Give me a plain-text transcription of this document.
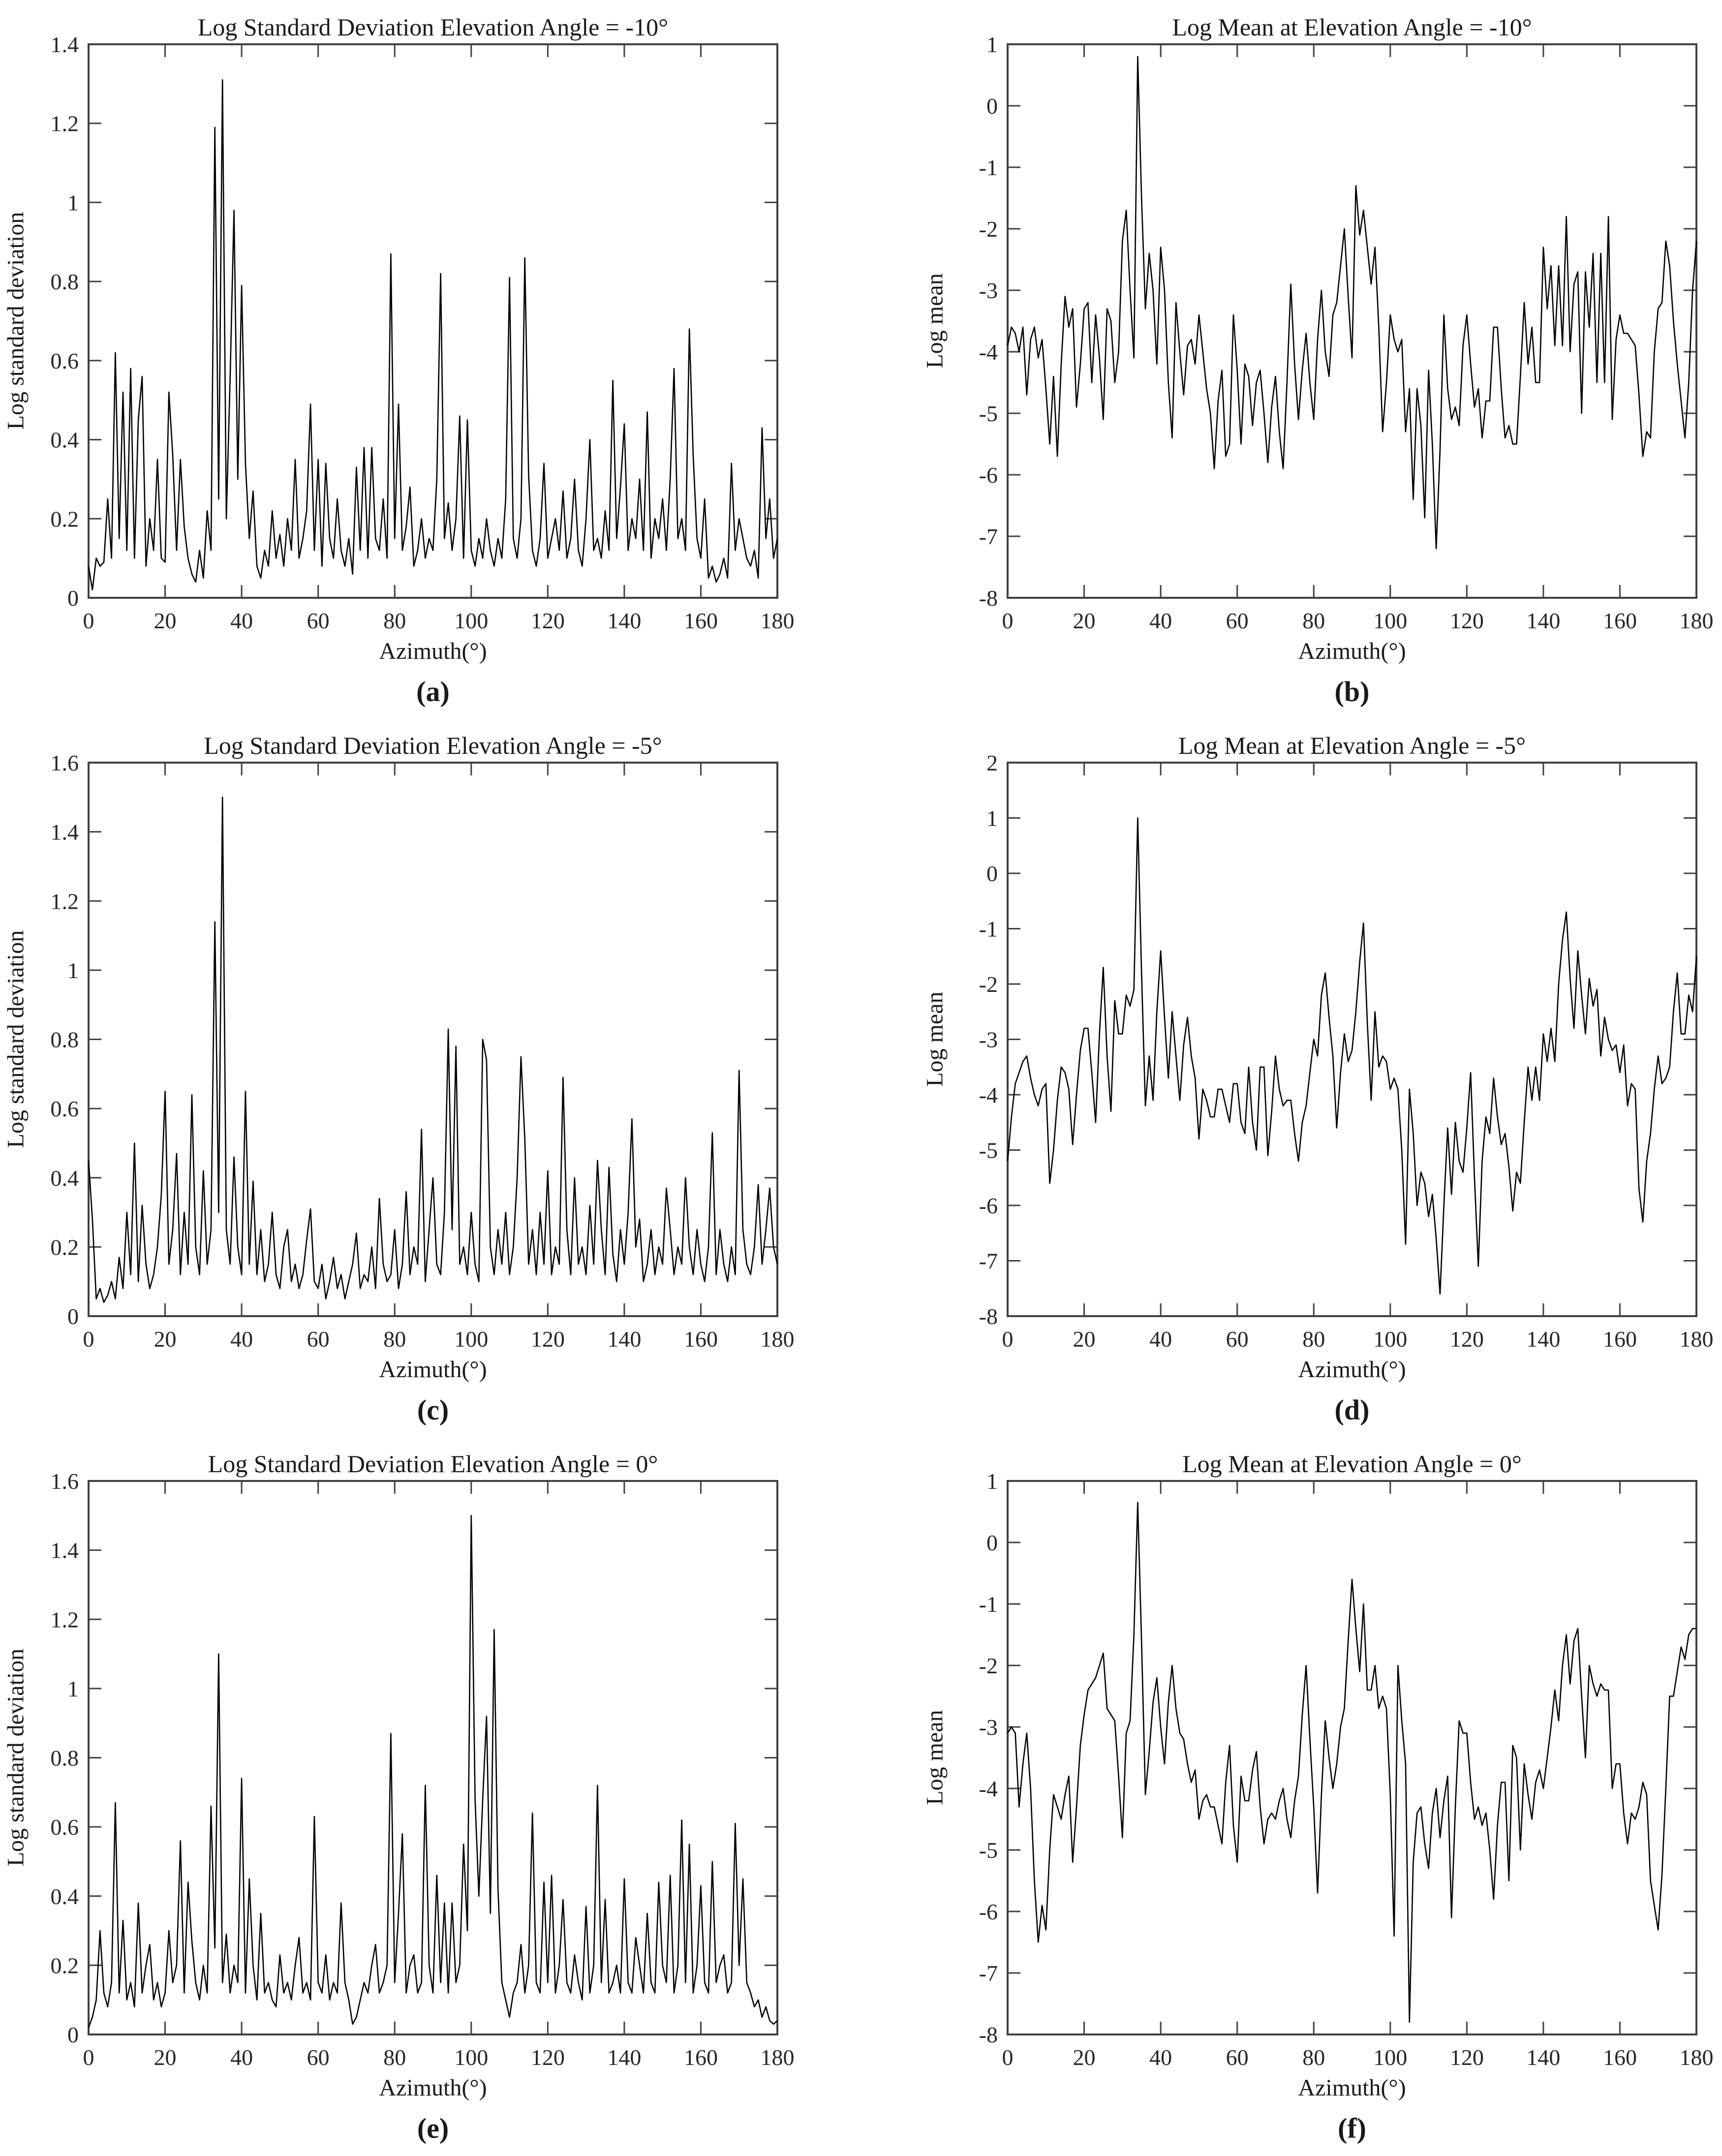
0	20 40 60 80 100 120 140 160 180
0
0.2
0.4
0.6
0.8
1
1.2
1.4
Log Standard Deviation Elevation Angle = -10°
Log standard deviation
Azimuth(°)
(a)
0	20 40 60 80 100 120 140 160 180
-8
-7
-6
-5
-4
-3
-2
-1
0
1
Log Mean at Elevation Angle = -10°
Log mean
Azimuth(°)
(b)
0	20 40 60 80 100 120 140 160 180
0
0.2
0.4
0.6
0.8
1
1.2
1.4
1.6
Log Standard Deviation Elevation Angle = -5°
Log standard deviation
Azimuth(°)
(c)
0	20 40 60 80 100 120 140 160 180
-8
-7
-6
-5
-4
-3
-2
-1
0
1
2
Log Mean at Elevation Angle = -5°
Log mean
Azimuth(°)
(d)
0	20 40 60 80 100 120 140 160 180
0
0.2
0.4
0.6
0.8
1
1.2
1.4
1.6
Log Standard Deviation Elevation Angle = 0°
Log standard deviation
Azimuth(°)
(e)
0	20 40 60 80 100 120 140 160 180
-8
-7
-6
-5
-4
-3
-2
-1
0
1
Log Mean at Elevation Angle = 0°
Log mean
Azimuth(°)
(f)
